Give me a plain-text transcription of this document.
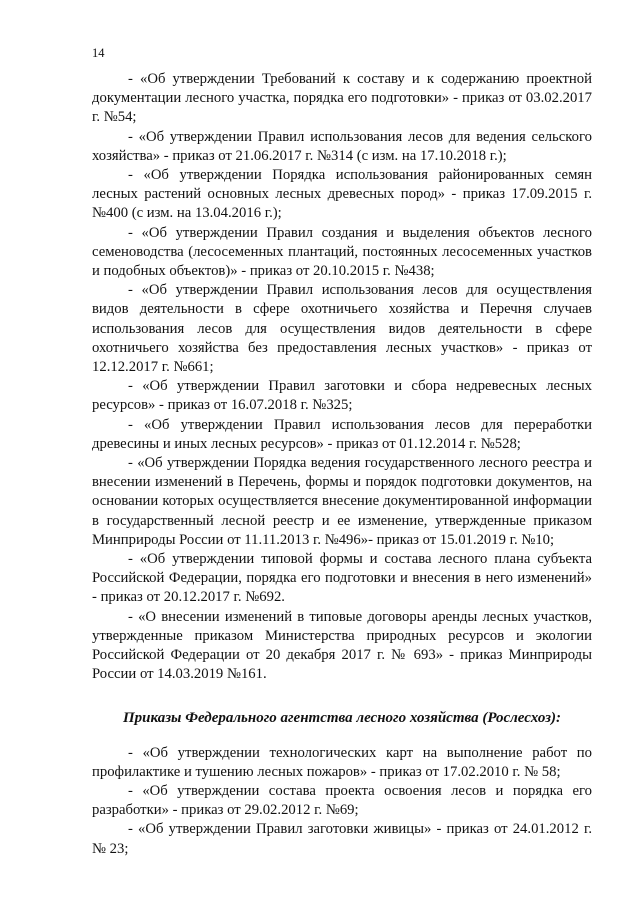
14

- «Об утверждении Требований к составу и к содержанию проектной документации лесного участка, порядка его подготовки» - приказ от 03.02.2017 г. №54;

- «Об утверждении Правил использования лесов для ведения сельского хозяйства» - приказ от 21.06.2017 г. №314 (с изм. на 17.10.2018 г.);

- «Об утверждении Порядка использования районированных семян лесных растений основных лесных древесных пород» - приказ 17.09.2015 г. №400 (с изм. на 13.04.2016 г.);

- «Об утверждении Правил создания и выделения объектов лесного семеноводства (лесосеменных плантаций, постоянных лесосеменных участков и подобных объектов)» - приказ от 20.10.2015 г. №438;

- «Об утверждении Правил использования лесов для осуществления видов деятельности в сфере охотничьего хозяйства и Перечня случаев использования лесов для осуществления видов деятельности в сфере охотничьего хозяйства без предоставления лесных участков» - приказ от 12.12.2017 г. №661;

- «Об утверждении Правил заготовки и сбора недревесных лесных ресурсов» - приказ от 16.07.2018 г. №325;

- «Об утверждении Правил использования лесов для переработки древесины и иных лесных ресурсов» - приказ от 01.12.2014 г. №528;

- «Об утверждении Порядка ведения государственного лесного реестра и внесении изменений в Перечень, формы и порядок подготовки документов, на основании которых осуществляется внесение документированной информации в государственный лесной реестр и ее изменение, утвержденные приказом Минприроды России от 11.11.2013 г. №496»- приказ от 15.01.2019 г. №10;

- «Об утверждении типовой формы и состава лесного плана субъекта Российской Федерации, порядка его подготовки и внесения в него изменений» - приказ от 20.12.2017 г. №692.

- «О внесении изменений в типовые договоры аренды лесных участков, утвержденные приказом Министерства природных ресурсов и экологии Российской Федерации от 20 декабря 2017 г. № 693» - приказ Минприроды России от 14.03.2019 №161.

Приказы Федерального агентства лесного хозяйства (Рослесхоз):

- «Об утверждении технологических карт на выполнение работ по профилактике и тушению лесных пожаров» - приказ от 17.02.2010 г. № 58;

- «Об утверждении состава проекта освоения лесов и порядка его разработки» - приказ от 29.02.2012 г. №69;

- «Об утверждении Правил заготовки живицы» - приказ от 24.01.2012 г. № 23;
